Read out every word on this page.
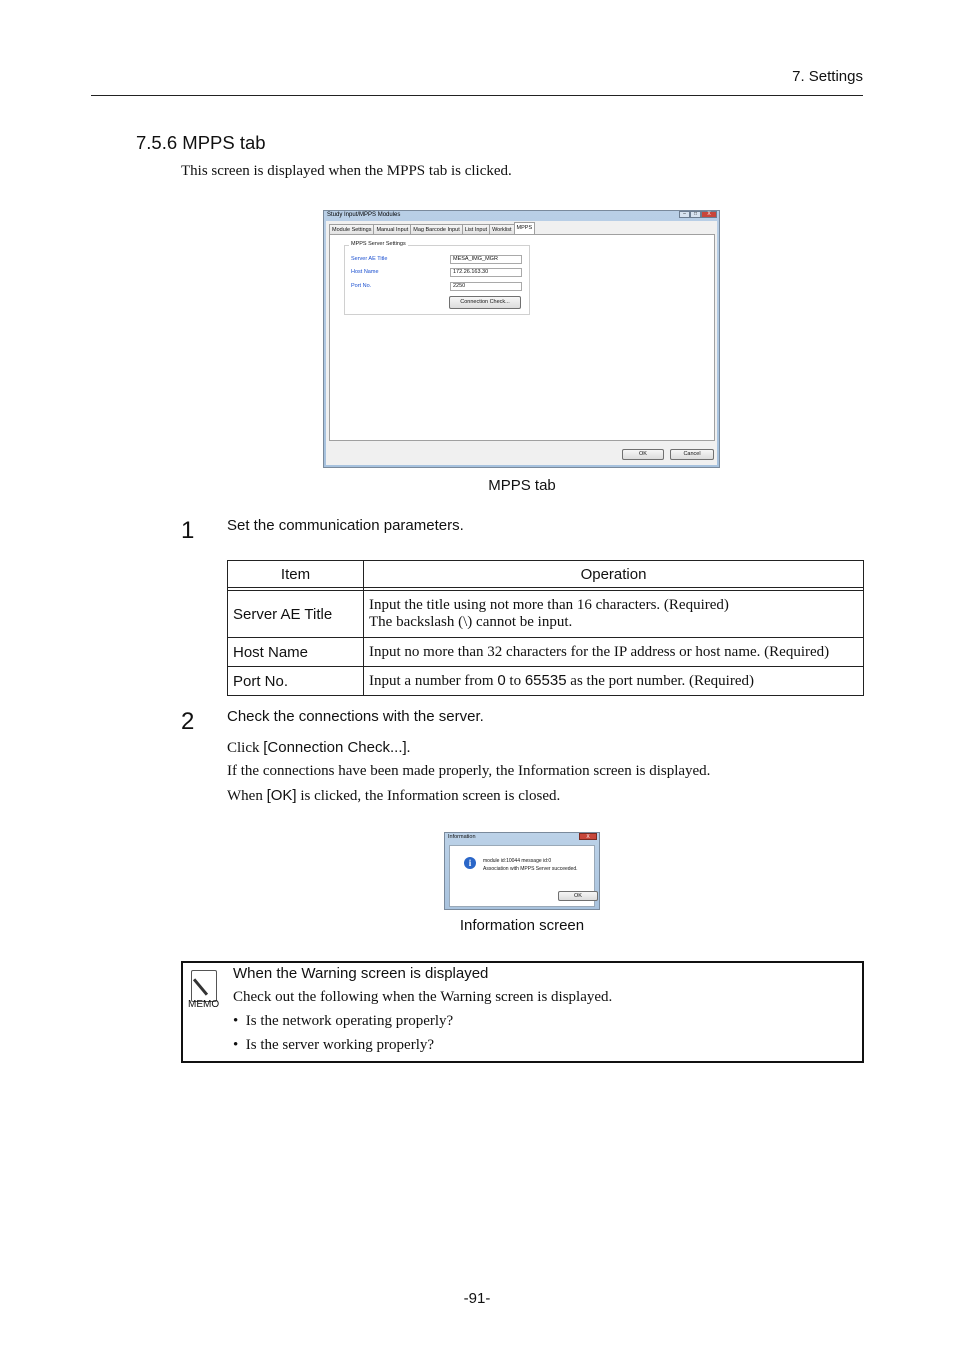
7. Settings
7.5.6 MPPS tab
This screen is displayed when the MPPS tab is clicked.
Study Input/MPPS Modules	–	□	X
Module Settings Manual Input Mag Barcode Input List Input Worklist MPPS
MPPS Server Settings
Server AE Title	MESA_IMG_MGR
Host Name	172.26.163.30
Port No.	2250
Connection Check...
OK	Cancel
MPPS tab
1 Set the communication parameters.
Item	Operation

Server AE Title	Input the title using not more than 16 characters. (Required)
The backslash (\) cannot be input.

Host Name	Input no more than 32 characters for the IP address or host name. (Required)
Port No.	Input a number from 0 to 65535 as the port number. (Required)
2 Check the connections with the server.
Click [Connection Check...].
If the connections have been made properly, the Information screen is displayed.
When [OK] is clicked, the Information screen is closed.
Information	X
i	module id:10044 message id:0
Association with MPPS Server succeeded.
OK
Information screen
MEMO
When the Warning screen is displayed
Check out the following when the Warning screen is displayed.
•  Is the network operating properly?
•  Is the server working properly?
-91-
